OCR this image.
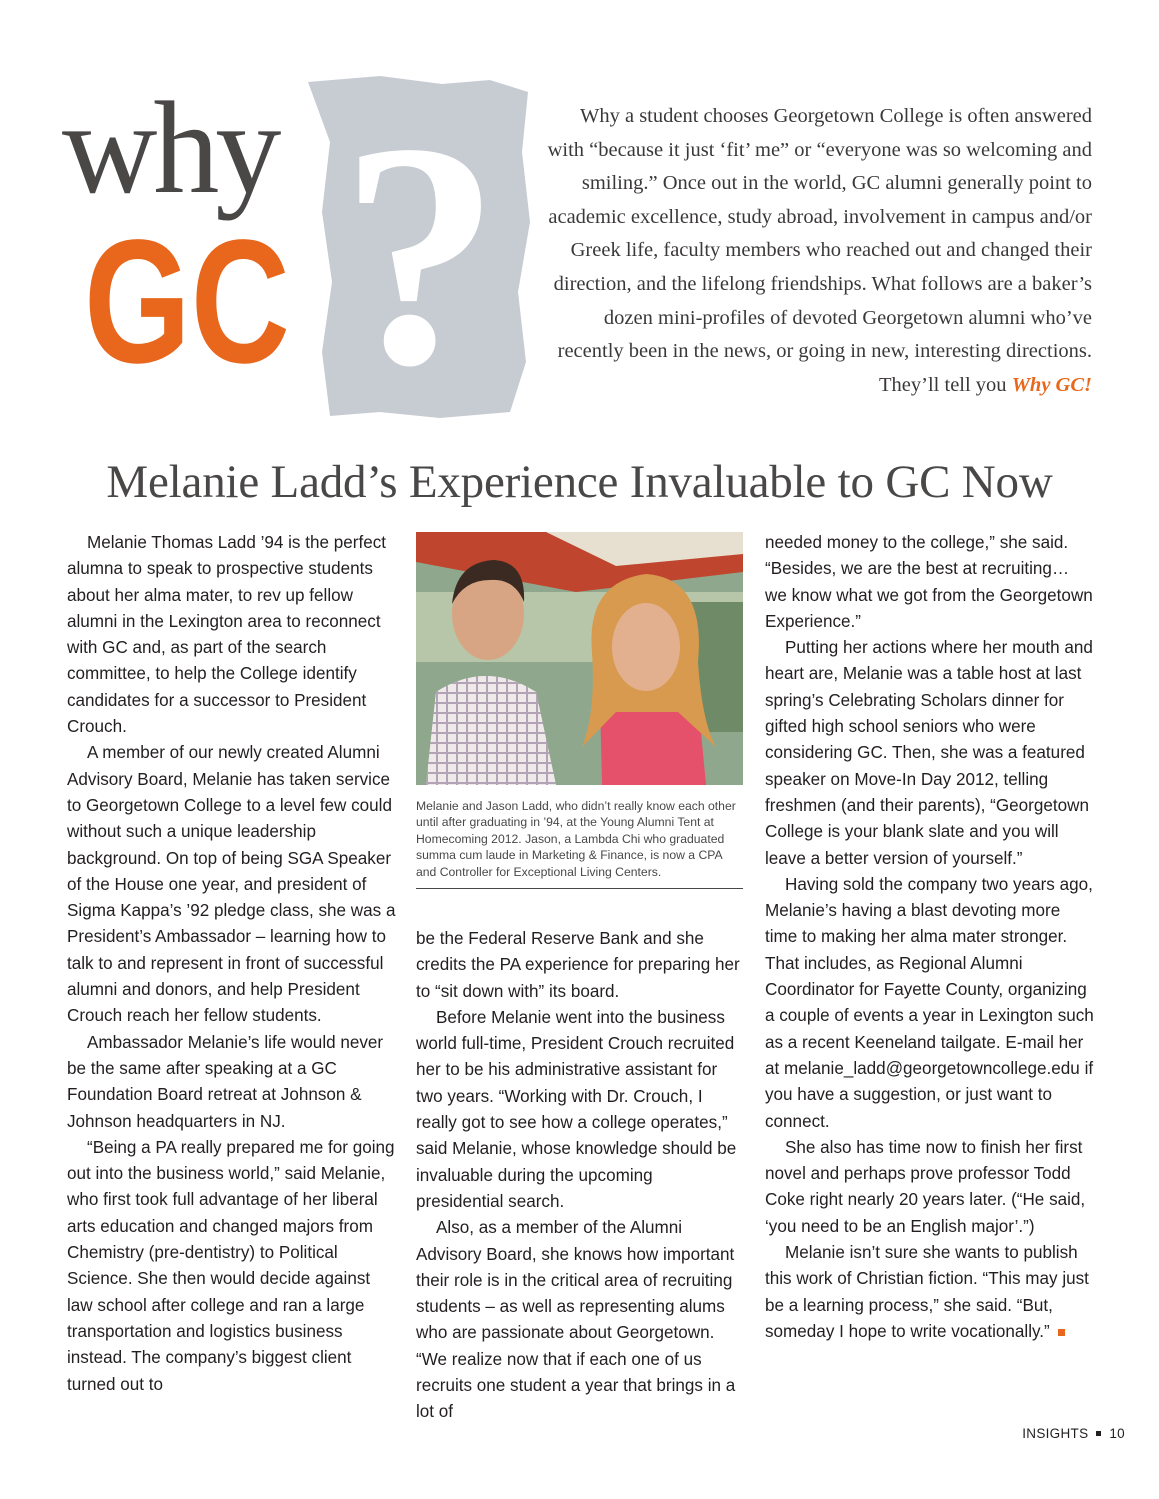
?
why
GC

Why a student chooses Georgetown College is often answered with “because it just ‘fit’ me” or “everyone was so welcoming and smiling.” Once out in the world, GC alumni generally point to academic excellence, study abroad, involvement in campus and/or Greek life, faculty members who reached out and changed their direction, and the lifelong friendships. What follows are a baker’s dozen mini-profiles of devoted Georgetown alumni who’ve recently been in the news, or going in new, interesting directions. They’ll tell you Why GC!

Melanie Ladd’s Experience Invaluable to GC Now

Melanie Thomas Ladd ’94 is the perfect alumna to speak to prospective students about her alma mater, to rev up fellow alumni in the Lexington area to reconnect with GC and, as part of the search committee, to help the College identify candidates for a successor to President Crouch.

A member of our newly created Alumni Advisory Board, Melanie has taken service to Georgetown College to a level few could without such a unique leadership background. On top of being SGA Speaker of the House one year, and president of Sigma Kappa’s ’92 pledge class, she was a President’s Ambassador – learning how to talk to and represent in front of successful alumni and donors, and help President Crouch reach her fellow students.

Ambassador Melanie’s life would never be the same after speaking at a GC Foundation Board retreat at Johnson & Johnson headquarters in NJ.

“Being a PA really prepared me for going out into the business world,” said Melanie, who first took full advantage of her liberal arts education and changed majors from Chemistry (pre-dentistry) to Political Science. She then would decide against law school after college and ran a large transportation and logistics business instead. The company’s biggest client turned out to

Melanie and Jason Ladd, who didn’t really know each other until after graduating in ’94, at the Young Alumni Tent at Homecoming 2012. Jason, a Lambda Chi who graduated summa cum laude in Marketing & Finance, is now a CPA and Controller for Exceptional Living Centers.

be the Federal Reserve Bank and she credits the PA experience for preparing her to “sit down with” its board.

Before Melanie went into the business world full-time, President Crouch recruited her to be his administrative assistant for two years. “Working with Dr. Crouch, I really got to see how a college operates,” said Melanie, whose knowledge should be invaluable during the upcoming presidential search.

Also, as a member of the Alumni Advisory Board, she knows how important their role is in the critical area of recruiting students – as well as representing alums who are passionate about Georgetown. “We realize now that if each one of us recruits one student a year that brings in a lot of

needed money to the college,” she said. “Besides, we are the best at recruiting… we know what we got from the Georgetown Experience.”

Putting her actions where her mouth and heart are, Melanie was a table host at last spring’s Celebrating Scholars dinner for gifted high school seniors who were considering GC. Then, she was a featured speaker on Move-In Day 2012, telling freshmen (and their parents), “Georgetown College is your blank slate and you will leave a better version of yourself.”

Having sold the company two years ago, Melanie’s having a blast devoting more time to making her alma mater stronger. That includes, as Regional Alumni Coordinator for Fayette County, organizing a couple of events a year in Lexington such as a recent Keeneland tailgate. E-mail her at melanie_ladd@georgetowncollege.edu if you have a suggestion, or just want to connect.

She also has time now to finish her first novel and perhaps prove professor Todd Coke right nearly 20 years later. (“He said, ‘you need to be an English major’.”)

Melanie isn’t sure she wants to publish this work of Christian fiction. “This may just be a learning process,” she said. “But, someday I hope to write vocationally.”

INSIGHTS 10
